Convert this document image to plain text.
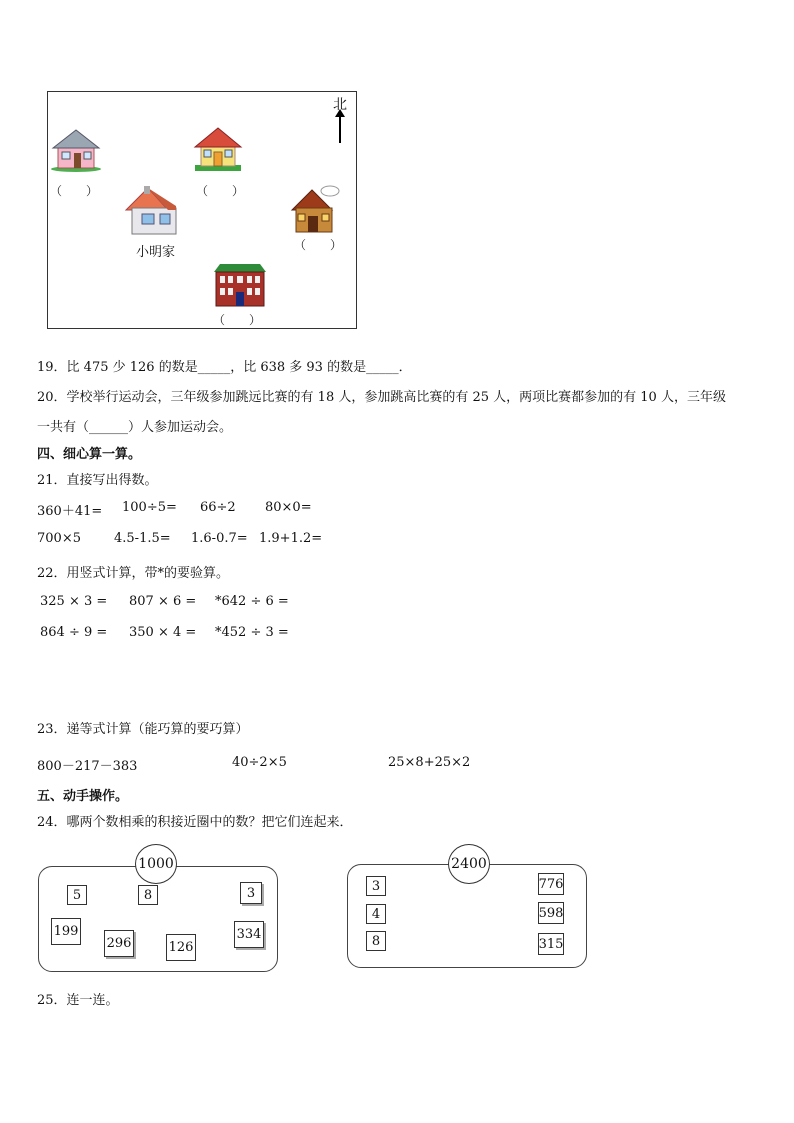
（　　）	（　　）
小明家	（　　）
（　　）
北
19．比 475 少 126 的数是_____，比 638 多 93 的数是_____．
20．学校举行运动会，三年级参加跳远比赛的有 18 人，参加跳高比赛的有 25 人，两项比赛都参加的有 10 人，三年级
一共有（______）人参加运动会。
四、细心算一算。
21．直接写出得数。
360＋41= 100÷5= 66÷2 80×0=
700×5	4.5-1.5= 1.6-0.7= 1.9+1.2=
22．用竖式计算，带*的要验算。
325 × 3 = 807 × 6 = *642 ÷ 6 =
864 ÷ 9 = 350 × 4 = *452 ÷ 3 =
23．递等式计算（能巧算的要巧算）
800－217－383	40÷2×5	25×8+25×2
五、动手操作。
24．哪两个数相乘的积接近圈中的数？把它们连起来．
1000
5	8	3
199
296	126
334
2400
3
4
8
776
598
315
25．连一连。
